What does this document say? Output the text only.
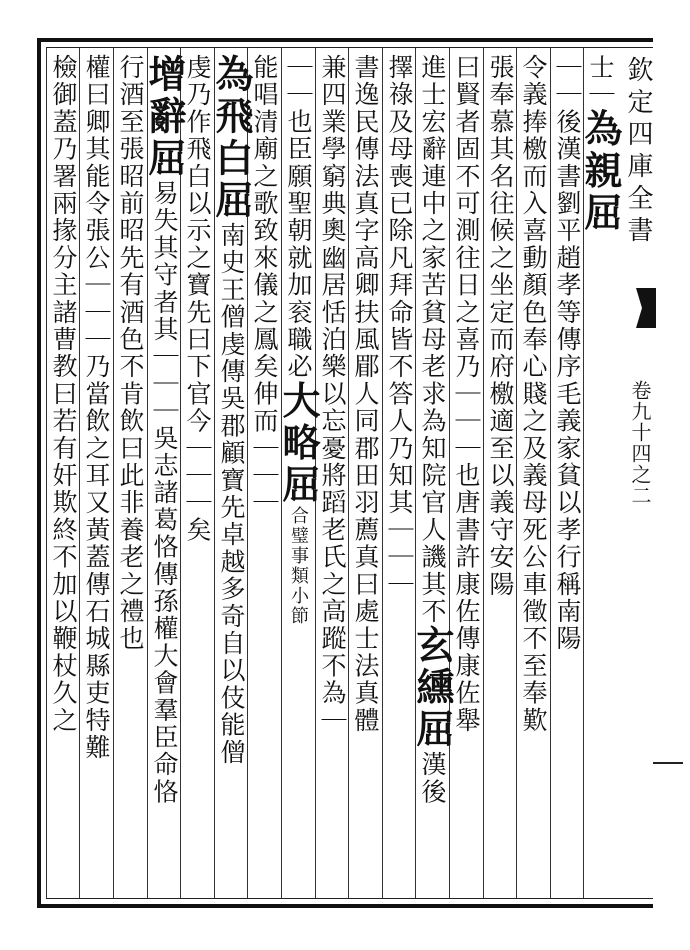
欽定四庫全書
卷九十四之二
士｜為親屈
｜｜後漢書劉平趙孝等傳序毛義家貧以孝行稱南陽
令義捧檄而入喜動顏色奉心賤之及義母死公車徵不至奉歎
張奉慕其名往候之坐定而府檄適至以義守安陽
曰賢者固不可測往日之喜乃｜｜｜也唐書許康佐傳康佐舉
進士宏辭連中之家苦貧母老求為知院官人譏其不玄纁屈漢後
擇祿及母喪已除凡拜命皆不答人乃知其｜｜｜
書逸民傳法真字高卿扶風郿人同郡田羽薦真曰處士法真體
兼四業學窮典奧幽居恬泊樂以忘憂將蹈老氏之高蹤不為｜
｜｜也臣願聖朝就加衮職必大略屈合璧事類小節
能唱清廟之歌致來儀之鳳矣伸而｜｜｜
為飛白屈南史王僧虔傳吳郡顧寶先卓越多奇自以伎能僧
虔乃作飛白以示之寶先曰下官今｜｜｜矣
增辭屈易失其守者其｜｜｜吳志諸葛恪傳孫權大會羣臣命恪
行酒至張昭前昭先有酒色不肯飲曰此非養老之禮也
權曰卿其能令張公｜｜｜乃當飲之耳又黃蓋傳石城縣吏特難
檢御蓋乃署兩掾分主諸曹教曰若有奸欺終不加以鞭杖久之
